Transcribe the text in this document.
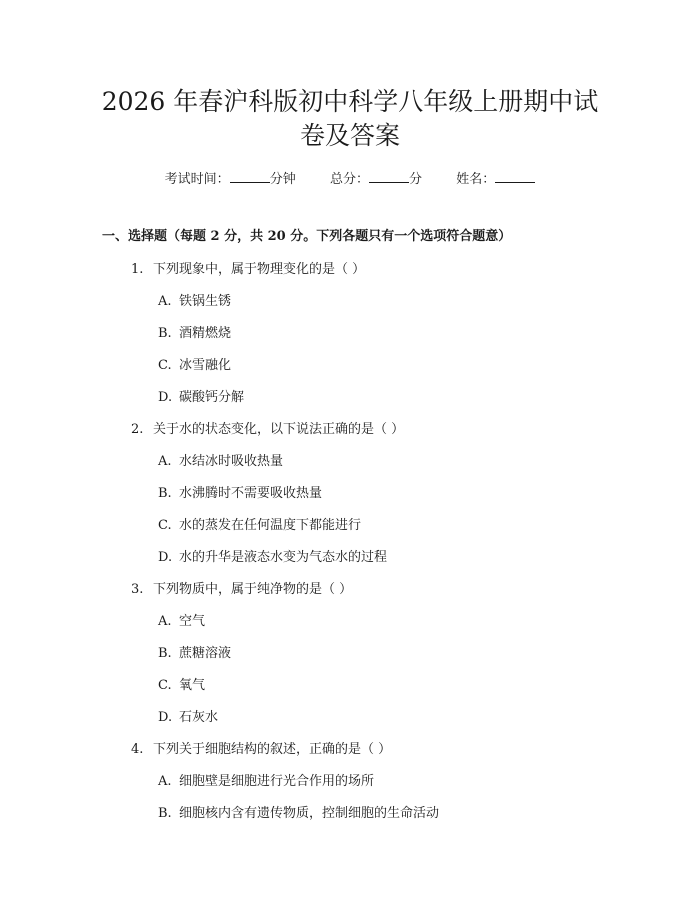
2026 年春沪科版初中科学八年级上册期中试
卷及答案
考试时间：	分钟	总分：	分	姓名：
一、选择题（每题 2 分，共 20 分。下列各题只有一个选项符合题意）
1. 下列现象中，属于物理变化的是（ ）
A. 铁锅生锈
B. 酒精燃烧
C. 冰雪融化
D. 碳酸钙分解
2. 关于水的状态变化，以下说法正确的是（ ）
A. 水结冰时吸收热量
B. 水沸腾时不需要吸收热量
C. 水的蒸发在任何温度下都能进行
D. 水的升华是液态水变为气态水的过程
3. 下列物质中，属于纯净物的是（ ）
A. 空气
B. 蔗糖溶液
C. 氧气
D. 石灰水
4. 下列关于细胞结构的叙述，正确的是（ ）
A. 细胞壁是细胞进行光合作用的场所
B. 细胞核内含有遗传物质，控制细胞的生命活动
